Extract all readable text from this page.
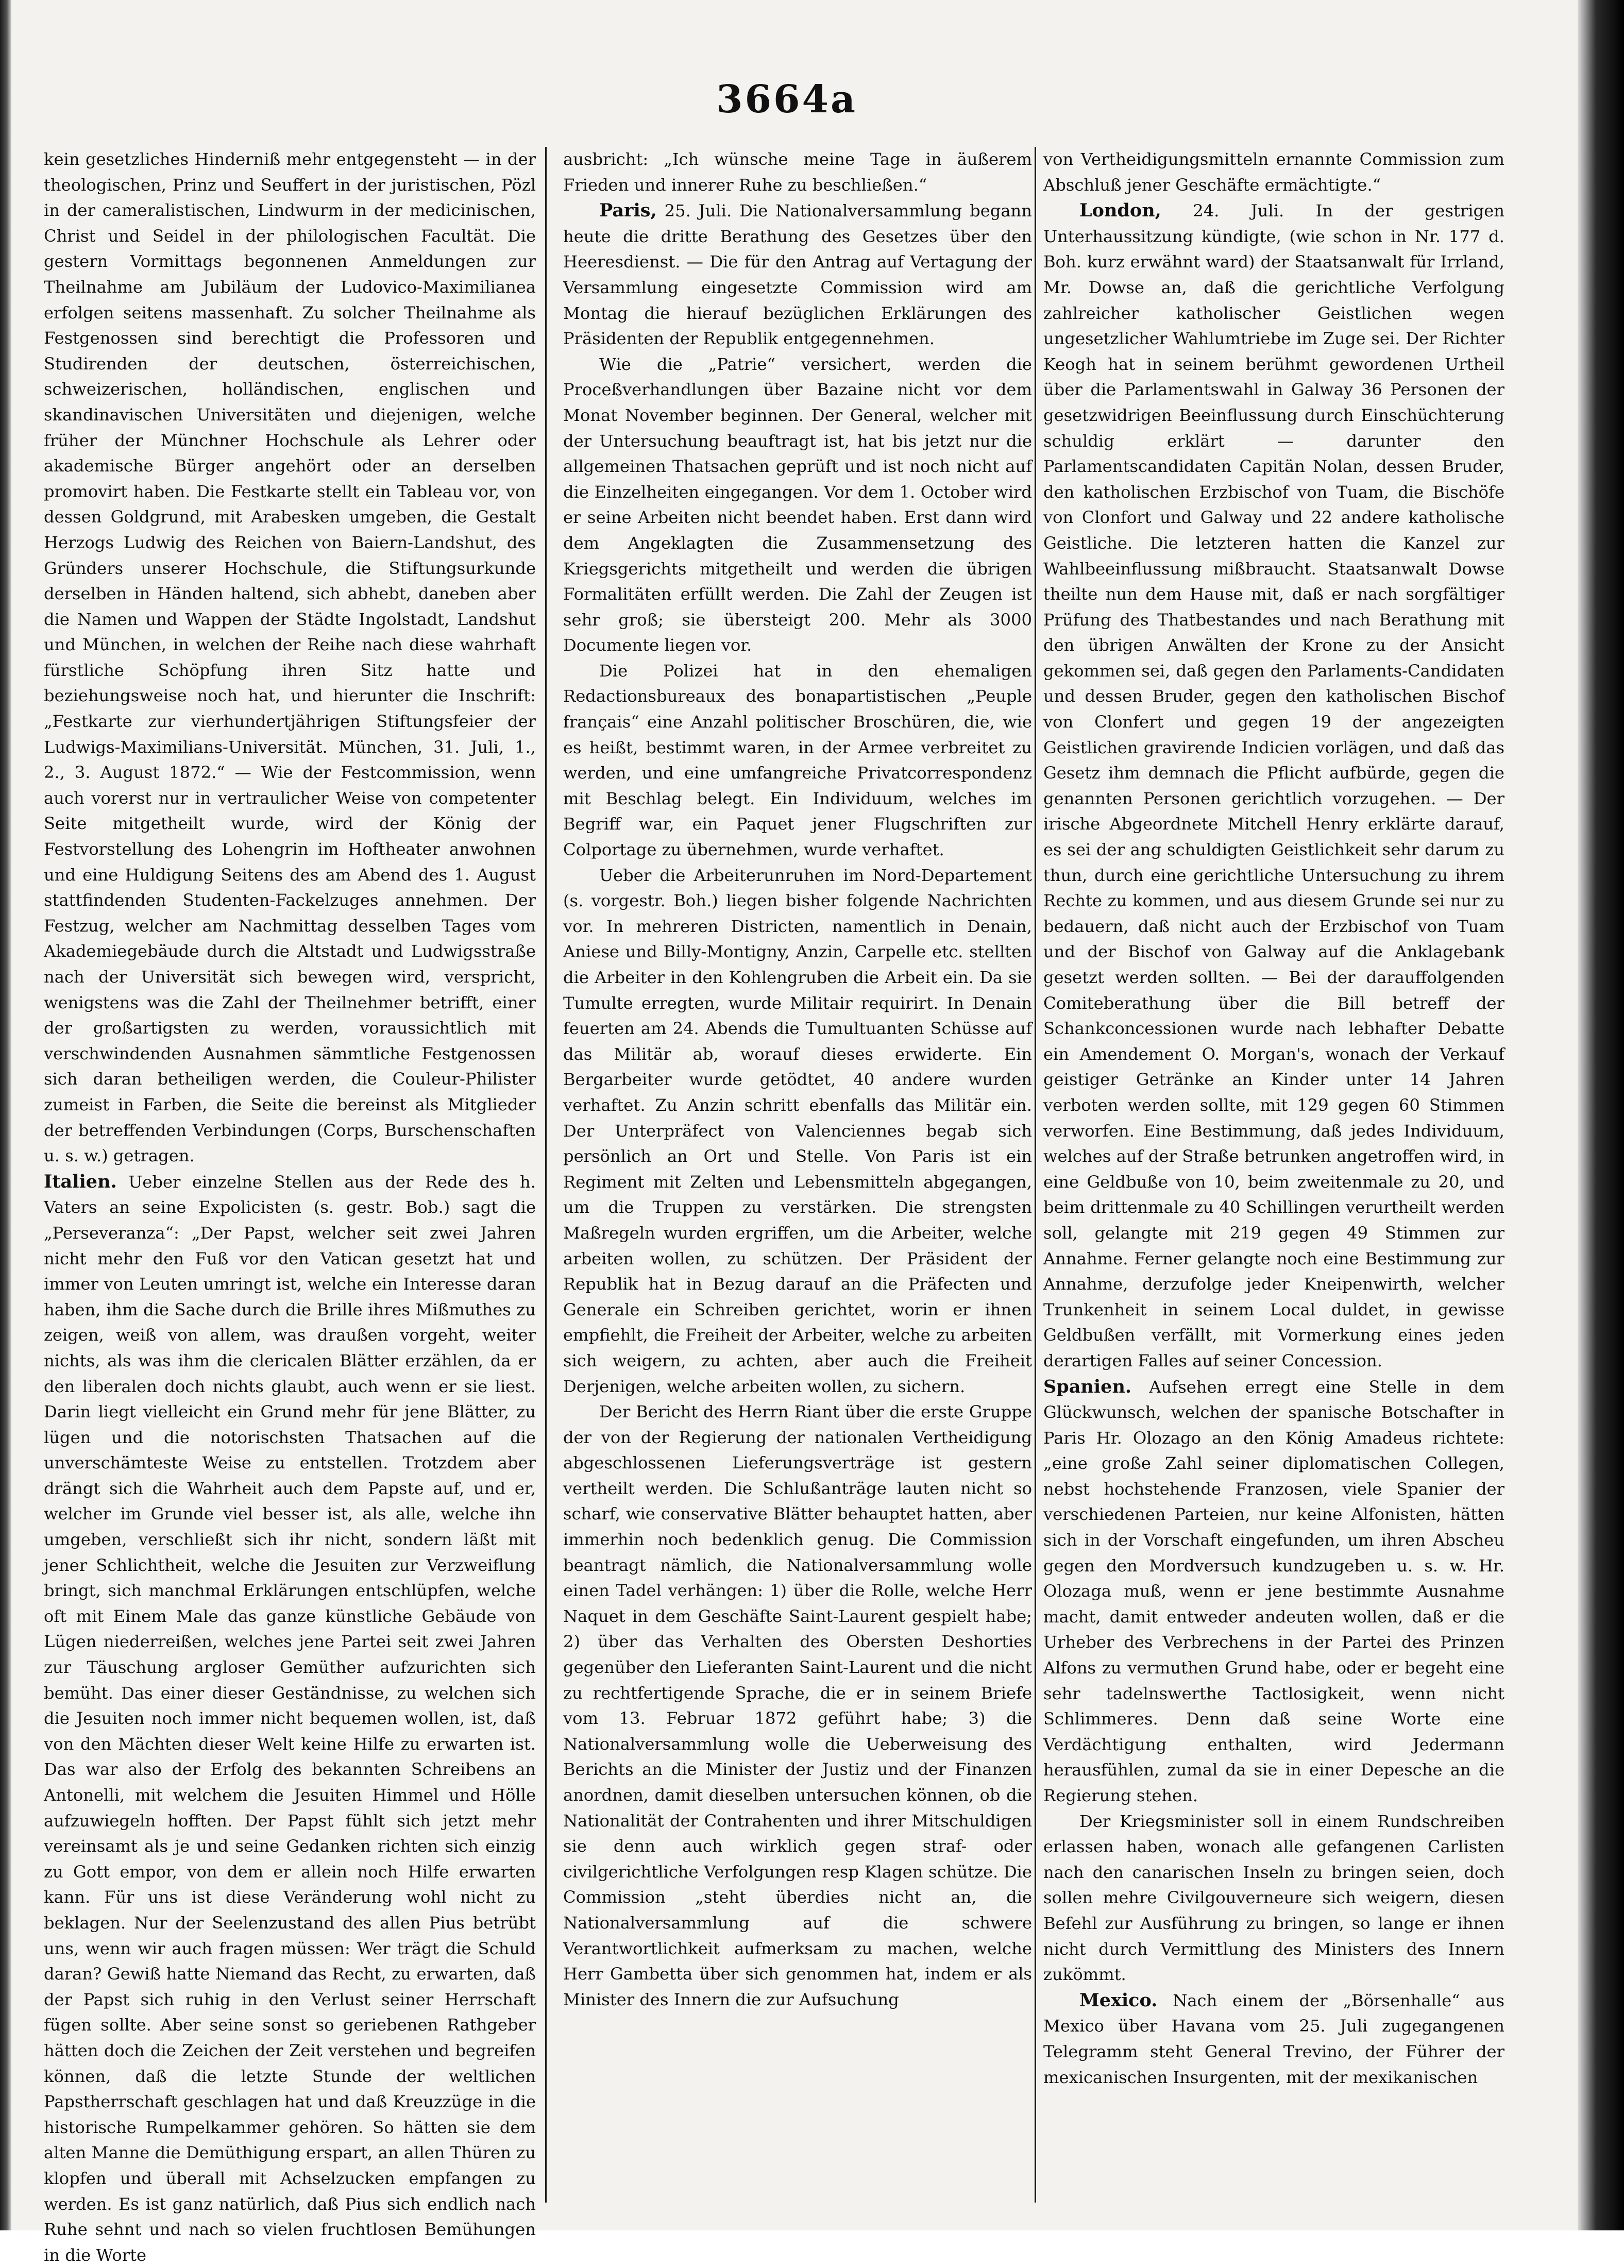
3664a

kein gesetzliches Hinderniß mehr entgegensteht — in der theologischen, Prinz und Seuffert in der juristischen, Pözl in der cameralistischen, Lindwurm in der medicinischen, Christ und Seidel in der philologischen Facultät. Die gestern Vormittags begonnenen Anmeldungen zur Theilnahme am Jubiläum der Ludovico-Maximilianea erfolgen seitens massenhaft. Zu solcher Theilnahme als Festgenossen sind berechtigt die Professoren und Studirenden der deutschen, österreichischen, schweizerischen, holländischen, englischen und skandinavischen Universitäten und diejenigen, welche früher der Münchner Hochschule als Lehrer oder akademische Bürger angehört oder an derselben promovirt haben. Die Festkarte stellt ein Tableau vor, von dessen Goldgrund, mit Arabesken umgeben, die Gestalt Herzogs Ludwig des Reichen von Baiern-Landshut, des Gründers unserer Hochschule, die Stiftungsurkunde derselben in Händen haltend, sich abhebt, daneben aber die Namen und Wappen der Städte Ingolstadt, Landshut und München, in welchen der Reihe nach diese wahrhaft fürstliche Schöpfung ihren Sitz hatte und beziehungsweise noch hat, und hierunter die Inschrift: „Festkarte zur vierhundertjährigen Stiftungsfeier der Ludwigs-Maximilians-Universität. München, 31. Juli, 1., 2., 3. August 1872.“ — Wie der Festcommission, wenn auch vorerst nur in vertraulicher Weise von competenter Seite mitgetheilt wurde, wird der König der Festvorstellung des Lohengrin im Hoftheater anwohnen und eine Huldigung Seitens des am Abend des 1. August stattfindenden Studenten-Fackelzuges annehmen. Der Festzug, welcher am Nachmittag desselben Tages vom Akademiegebäude durch die Altstadt und Ludwigsstraße nach der Universität sich bewegen wird, verspricht, wenigstens was die Zahl der Theilnehmer betrifft, einer der großartigsten zu werden, voraussichtlich mit verschwindenden Ausnahmen sämmtliche Festgenossen sich daran betheiligen werden, die Couleur-Philister zumeist in Farben, die Seite die bereinst als Mitglieder der betreffenden Verbindungen (Corps, Burschenschaften u. s. w.) getragen.

Italien. Ueber einzelne Stellen aus der Rede des h. Vaters an seine Expolicisten (s. gestr. Bob.) sagt die „Perseveranza“: „Der Papst, welcher seit zwei Jahren nicht mehr den Fuß vor den Vatican gesetzt hat und immer von Leuten umringt ist, welche ein Interesse daran haben, ihm die Sache durch die Brille ihres Mißmuthes zu zeigen, weiß von allem, was draußen vorgeht, weiter nichts, als was ihm die clericalen Blätter erzählen, da er den liberalen doch nichts glaubt, auch wenn er sie liest. Darin liegt vielleicht ein Grund mehr für jene Blätter, zu lügen und die notorischsten Thatsachen auf die unverschämteste Weise zu entstellen. Trotzdem aber drängt sich die Wahrheit auch dem Papste auf, und er, welcher im Grunde viel besser ist, als alle, welche ihn umgeben, verschließt sich ihr nicht, sondern läßt mit jener Schlichtheit, welche die Jesuiten zur Verzweiflung bringt, sich manchmal Erklärungen entschlüpfen, welche oft mit Einem Male das ganze künstliche Gebäude von Lügen niederreißen, welches jene Partei seit zwei Jahren zur Täuschung argloser Gemüther aufzurichten sich bemüht. Das einer dieser Geständnisse, zu welchen sich die Jesuiten noch immer nicht bequemen wollen, ist, daß von den Mächten dieser Welt keine Hilfe zu erwarten ist. Das war also der Erfolg des bekannten Schreibens an Antonelli, mit welchem die Jesuiten Himmel und Hölle aufzuwiegeln hofften. Der Papst fühlt sich jetzt mehr vereinsamt als je und seine Gedanken richten sich einzig zu Gott empor, von dem er allein noch Hilfe erwarten kann. Für uns ist diese Veränderung wohl nicht zu beklagen. Nur der Seelenzustand des allen Pius betrübt uns, wenn wir auch fragen müssen: Wer trägt die Schuld daran? Gewiß hatte Niemand das Recht, zu erwarten, daß der Papst sich ruhig in den Verlust seiner Herrschaft fügen sollte. Aber seine sonst so geriebenen Rathgeber hätten doch die Zeichen der Zeit verstehen und begreifen können, daß die letzte Stunde der weltlichen Papstherrschaft geschlagen hat und daß Kreuzzüge in die historische Rumpelkammer gehören. So hätten sie dem alten Manne die Demüthigung erspart, an allen Thüren zu klopfen und überall mit Achselzucken empfangen zu werden. Es ist ganz natürlich, daß Pius sich endlich nach Ruhe sehnt und nach so vielen fruchtlosen Bemühungen in die Worte

ausbricht: „Ich wünsche meine Tage in äußerem Frieden und innerer Ruhe zu beschließen.“

Paris, 25. Juli. Die Nationalversammlung begann heute die dritte Berathung des Gesetzes über den Heeresdienst. — Die für den Antrag auf Vertagung der Versammlung eingesetzte Commission wird am Montag die hierauf bezüglichen Erklärungen des Präsidenten der Republik entgegennehmen.

Wie die „Patrie“ versichert, werden die Proceßverhandlungen über Bazaine nicht vor dem Monat November beginnen. Der General, welcher mit der Untersuchung beauftragt ist, hat bis jetzt nur die allgemeinen Thatsachen geprüft und ist noch nicht auf die Einzelheiten eingegangen. Vor dem 1. October wird er seine Arbeiten nicht beendet haben. Erst dann wird dem Angeklagten die Zusammensetzung des Kriegsgerichts mitgetheilt und werden die übrigen Formalitäten erfüllt werden. Die Zahl der Zeugen ist sehr groß; sie übersteigt 200. Mehr als 3000 Documente liegen vor.

Die Polizei hat in den ehemaligen Redactionsbureaux des bonapartistischen „Peuple français“ eine Anzahl politischer Broschüren, die, wie es heißt, bestimmt waren, in der Armee verbreitet zu werden, und eine umfangreiche Privatcorrespondenz mit Beschlag belegt. Ein Individuum, welches im Begriff war, ein Paquet jener Flugschriften zur Colportage zu übernehmen, wurde verhaftet.

Ueber die Arbeiterunruhen im Nord-Departement (s. vorgestr. Boh.) liegen bisher folgende Nachrichten vor. In mehreren Districten, namentlich in Denain, Aniese und Billy-Montigny, Anzin, Carpelle etc. stellten die Arbeiter in den Kohlengruben die Arbeit ein. Da sie Tumulte erregten, wurde Militair requirirt. In Denain feuerten am 24. Abends die Tumultuanten Schüsse auf das Militär ab, worauf dieses erwiderte. Ein Bergarbeiter wurde getödtet, 40 andere wurden verhaftet. Zu Anzin schritt ebenfalls das Militär ein. Der Unterpräfect von Valenciennes begab sich persönlich an Ort und Stelle. Von Paris ist ein Regiment mit Zelten und Lebensmitteln abgegangen, um die Truppen zu verstärken. Die strengsten Maßregeln wurden ergriffen, um die Arbeiter, welche arbeiten wollen, zu schützen. Der Präsident der Republik hat in Bezug darauf an die Präfecten und Generale ein Schreiben gerichtet, worin er ihnen empfiehlt, die Freiheit der Arbeiter, welche zu arbeiten sich weigern, zu achten, aber auch die Freiheit Derjenigen, welche arbeiten wollen, zu sichern.

Der Bericht des Herrn Riant über die erste Gruppe der von der Regierung der nationalen Vertheidigung abgeschlossenen Lieferungsverträge ist gestern vertheilt werden. Die Schlußanträge lauten nicht so scharf, wie conservative Blätter behauptet hatten, aber immerhin noch bedenklich genug. Die Commission beantragt nämlich, die Nationalversammlung wolle einen Tadel verhängen: 1) über die Rolle, welche Herr Naquet in dem Geschäfte Saint-Laurent gespielt habe; 2) über das Verhalten des Obersten Deshorties gegenüber den Lieferanten Saint-Laurent und die nicht zu rechtfertigende Sprache, die er in seinem Briefe vom 13. Februar 1872 geführt habe; 3) die Nationalversammlung wolle die Ueberweisung des Berichts an die Minister der Justiz und der Finanzen anordnen, damit dieselben untersuchen können, ob die Nationalität der Contrahenten und ihrer Mitschuldigen sie denn auch wirklich gegen straf- oder civilgerichtliche Verfolgungen resp Klagen schütze. Die Commission „steht überdies nicht an, die Nationalversammlung auf die schwere Verantwortlichkeit aufmerksam zu machen, welche Herr Gambetta über sich genommen hat, indem er als Minister des Innern die zur Aufsuchung

von Vertheidigungsmitteln ernannte Commission zum Abschluß jener Geschäfte ermächtigte.“

London, 24. Juli. In der gestrigen Unterhaussitzung kündigte, (wie schon in Nr. 177 d. Boh. kurz erwähnt ward) der Staatsanwalt für Irrland, Mr. Dowse an, daß die gerichtliche Verfolgung zahlreicher katholischer Geistlichen wegen ungesetzlicher Wahlumtriebe im Zuge sei. Der Richter Keogh hat in seinem berühmt gewordenen Urtheil über die Parlamentswahl in Galway 36 Personen der gesetzwidrigen Beeinflussung durch Einschüchterung schuldig erklärt — darunter den Parlamentscandidaten Capitän Nolan, dessen Bruder, den katholischen Erzbischof von Tuam, die Bischöfe von Clonfort und Galway und 22 andere katholische Geistliche. Die letzteren hatten die Kanzel zur Wahlbeeinflussung mißbraucht. Staatsanwalt Dowse theilte nun dem Hause mit, daß er nach sorgfältiger Prüfung des Thatbestandes und nach Berathung mit den übrigen Anwälten der Krone zu der Ansicht gekommen sei, daß gegen den Parlaments-Candidaten und dessen Bruder, gegen den katholischen Bischof von Clonfert und gegen 19 der angezeigten Geistlichen gravirende Indicien vorlägen, und daß das Gesetz ihm demnach die Pflicht aufbürde, gegen die genannten Personen gerichtlich vorzugehen. — Der irische Abgeordnete Mitchell Henry erklärte darauf, es sei der ang schuldigten Geistlichkeit sehr darum zu thun, durch eine gerichtliche Untersuchung zu ihrem Rechte zu kommen, und aus diesem Grunde sei nur zu bedauern, daß nicht auch der Erzbischof von Tuam und der Bischof von Galway auf die Anklagebank gesetzt werden sollten. — Bei der darauffolgenden Comiteberathung über die Bill betreff der Schankconcessionen wurde nach lebhafter Debatte ein Amendement O. Morgan's, wonach der Verkauf geistiger Getränke an Kinder unter 14 Jahren verboten werden sollte, mit 129 gegen 60 Stimmen verworfen. Eine Bestimmung, daß jedes Individuum, welches auf der Straße betrunken angetroffen wird, in eine Geldbuße von 10, beim zweitenmale zu 20, und beim drittenmale zu 40 Schillingen verurtheilt werden soll, gelangte mit 219 gegen 49 Stimmen zur Annahme. Ferner gelangte noch eine Bestimmung zur Annahme, derzufolge jeder Kneipenwirth, welcher Trunkenheit in seinem Local duldet, in gewisse Geldbußen verfällt, mit Vormerkung eines jeden derartigen Falles auf seiner Concession.

Spanien. Aufsehen erregt eine Stelle in dem Glückwunsch, welchen der spanische Botschafter in Paris Hr. Olozago an den König Amadeus richtete: „eine große Zahl seiner diplomatischen Collegen, nebst hochstehende Franzosen, viele Spanier der verschiedenen Parteien, nur keine Alfonisten, hätten sich in der Vorschaft eingefunden, um ihren Abscheu gegen den Mordversuch kundzugeben u. s. w. Hr. Olozaga muß, wenn er jene bestimmte Ausnahme macht, damit entweder andeuten wollen, daß er die Urheber des Verbrechens in der Partei des Prinzen Alfons zu vermuthen Grund habe, oder er begeht eine sehr tadelnswerthe Tactlosigkeit, wenn nicht Schlimmeres. Denn daß seine Worte eine Verdächtigung enthalten, wird Jedermann herausfühlen, zumal da sie in einer Depesche an die Regierung stehen.

Der Kriegsminister soll in einem Rundschreiben erlassen haben, wonach alle gefangenen Carlisten nach den canarischen Inseln zu bringen seien, doch sollen mehre Civilgouverneure sich weigern, diesen Befehl zur Ausführung zu bringen, so lange er ihnen nicht durch Vermittlung des Ministers des Innern zukömmt.

Mexico. Nach einem der „Börsenhalle“ aus Mexico über Havana vom 25. Juli zugegangenen Telegramm steht General Trevino, der Führer der mexicanischen Insurgenten, mit der mexikanischen
